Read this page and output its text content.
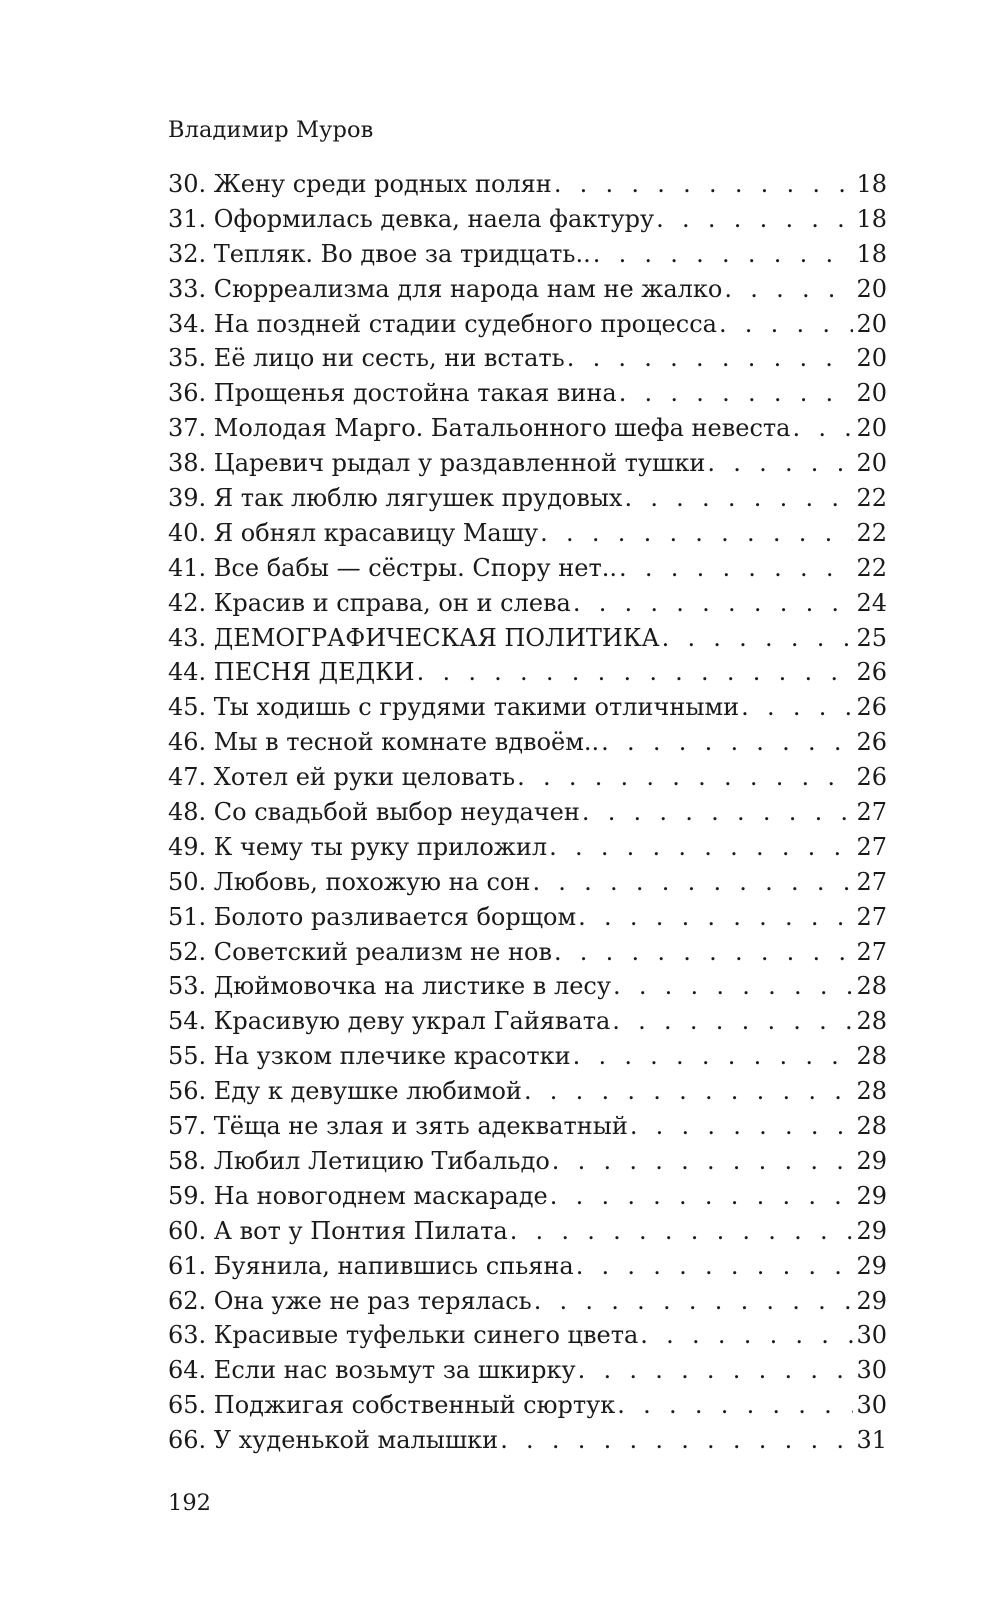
Владимир Муров
30. Жену среди родных полян . . .	18
31. Оформилась девка, наела фактуру . . .	18
32. Тепляк. Во двое за тридцать.. . . .	18
33. Сюрреализма для народа нам не жалко . . .	20
34. На поздней стадии судебного процесса . . .	20
35. Её лицо ни сесть, ни встать . . .	20
36. Прощенья достойна такая вина . . .	20
37. Молодая Марго. Батальонного шефа невеста . . .	20
38. Царевич рыдал у раздавленной тушки . . .	20
39. Я так люблю лягушек прудовых . . .	22
40. Я обнял красавицу Машу . . .	22
41. Все бабы — сёстры. Спору нет.. . . .	22
42. Красив и справа, он и слева . . .	24
43. ДЕМОГРАФИЧЕСКАЯ ПОЛИТИКА . . .	25
44. ПЕСНЯ ДЕДКИ . . .	26
45. Ты ходишь с грудями такими отличными . . .	26
46. Мы в тесной комнате вдвоём.. . . .	26
47. Хотел ей руки целовать . . .	26
48. Со свадьбой выбор неудачен . . .	27
49. К чему ты руку приложил . . .	27
50. Любовь, похожую на сон . . .	27
51. Болото разливается борщом . . .	27
52. Советский реализм не нов . . .	27
53. Дюймовочка на листике в лесу . . .	28
54. Красивую деву украл Гайявата . . .	28
55. На узком плечике красотки . . .	28
56. Еду к девушке любимой . . .	28
57. Тёща не злая и зять адекватный . . .	28
58. Любил Летицию Тибальдо . . .	29
59. На новогоднем маскараде . . .	29
60. А вот у Понтия Пилата . . .	29
61. Буянила, напившись спьяна . . .	29
62. Она уже не раз терялась . . .	29
63. Красивые туфельки синего цвета . . .	30
64. Если нас возьмут за шкирку . . .	30
65. Поджигая собственный сюртук . . .	30
66. У худенькой малышки . . .	31
192
